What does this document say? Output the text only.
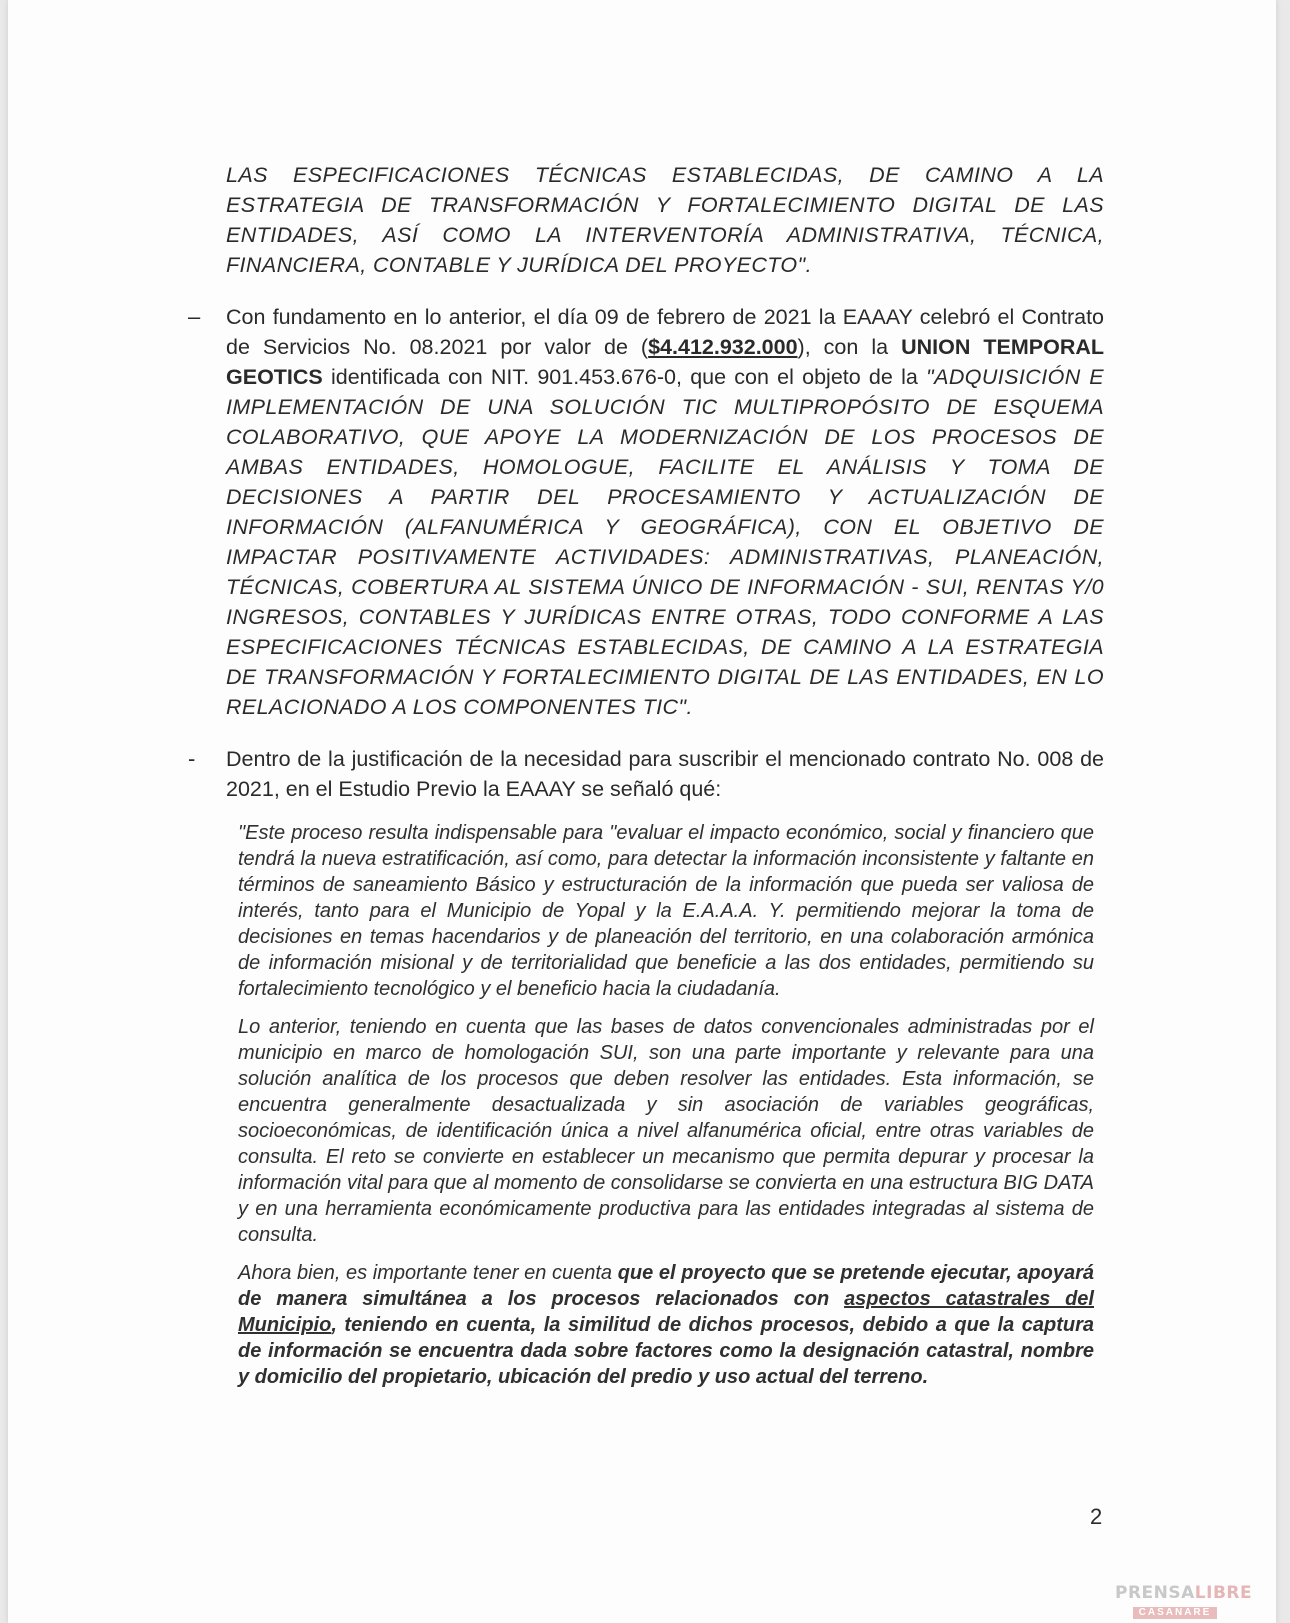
LAS ESPECIFICACIONES TÉCNICAS ESTABLECIDAS, DE CAMINO A LA ESTRATEGIA DE TRANSFORMACIÓN Y FORTALECIMIENTO DIGITAL DE LAS ENTIDADES, ASÍ COMO LA INTERVENTORÍA ADMINISTRATIVA, TÉCNICA, FINANCIERA, CONTABLE Y JURÍDICA DEL PROYECTO".

– Con fundamento en lo anterior, el día 09 de febrero de 2021 la EAAAY celebró el Contrato de Servicios No. 08.2021 por valor de ($4.412.932.000), con la UNION TEMPORAL GEOTICS identificada con NIT. 901.453.676-0, que con el objeto de la "ADQUISICIÓN E IMPLEMENTACIÓN DE UNA SOLUCIÓN TIC MULTIPROPÓSITO DE ESQUEMA COLABORATIVO, QUE APOYE LA MODERNIZACIÓN DE LOS PROCESOS DE AMBAS ENTIDADES, HOMOLOGUE, FACILITE EL ANÁLISIS Y TOMA DE DECISIONES A PARTIR DEL PROCESAMIENTO Y ACTUALIZACIÓN DE INFORMACIÓN (ALFANUMÉRICA Y GEOGRÁFICA), CON EL OBJETIVO DE IMPACTAR POSITIVAMENTE ACTIVIDADES: ADMINISTRATIVAS, PLANEACIÓN, TÉCNICAS, COBERTURA AL SISTEMA ÚNICO DE INFORMACIÓN - SUI, RENTAS Y/0 INGRESOS, CONTABLES Y JURÍDICAS ENTRE OTRAS, TODO CONFORME A LAS ESPECIFICACIONES TÉCNICAS ESTABLECIDAS, DE CAMINO A LA ESTRATEGIA DE TRANSFORMACIÓN Y FORTALECIMIENTO DIGITAL DE LAS ENTIDADES, EN LO RELACIONADO A LOS COMPONENTES TIC".

- Dentro de la justificación de la necesidad para suscribir el mencionado contrato No. 008 de 2021, en el Estudio Previo la EAAAY se señaló qué:

"Este proceso resulta indispensable para "evaluar el impacto económico, social y financiero que tendrá la nueva estratificación, así como, para detectar la información inconsistente y faltante en términos de saneamiento Básico y estructuración de la información que pueda ser valiosa de interés, tanto para el Municipio de Yopal y la E.A.A.A. Y. permitiendo mejorar la toma de decisiones en temas hacendarios y de planeación del territorio, en una colaboración armónica de información misional y de territorialidad que beneficie a las dos entidades, permitiendo su fortalecimiento tecnológico y el beneficio hacia la ciudadanía.

Lo anterior, teniendo en cuenta que las bases de datos convencionales administradas por el municipio en marco de homologación SUI, son una parte importante y relevante para una solución analítica de los procesos que deben resolver las entidades. Esta información, se encuentra generalmente desactualizada y sin asociación de variables geográficas, socioeconómicas, de identificación única a nivel alfanumérica oficial, entre otras variables de consulta. El reto se convierte en establecer un mecanismo que permita depurar y procesar la información vital para que al momento de consolidarse se convierta en una estructura BIG DATA y en una herramienta económicamente productiva para las entidades integradas al sistema de consulta.

Ahora bien, es importante tener en cuenta que el proyecto que se pretende ejecutar, apoyará de manera simultánea a los procesos relacionados con aspectos catastrales del Municipio, teniendo en cuenta, la similitud de dichos procesos, debido a que la captura de información se encuentra dada sobre factores como la designación catastral, nombre y domicilio del propietario, ubicación del predio y uso actual del terreno.

2
PRENSALIBRE
CASANARE
